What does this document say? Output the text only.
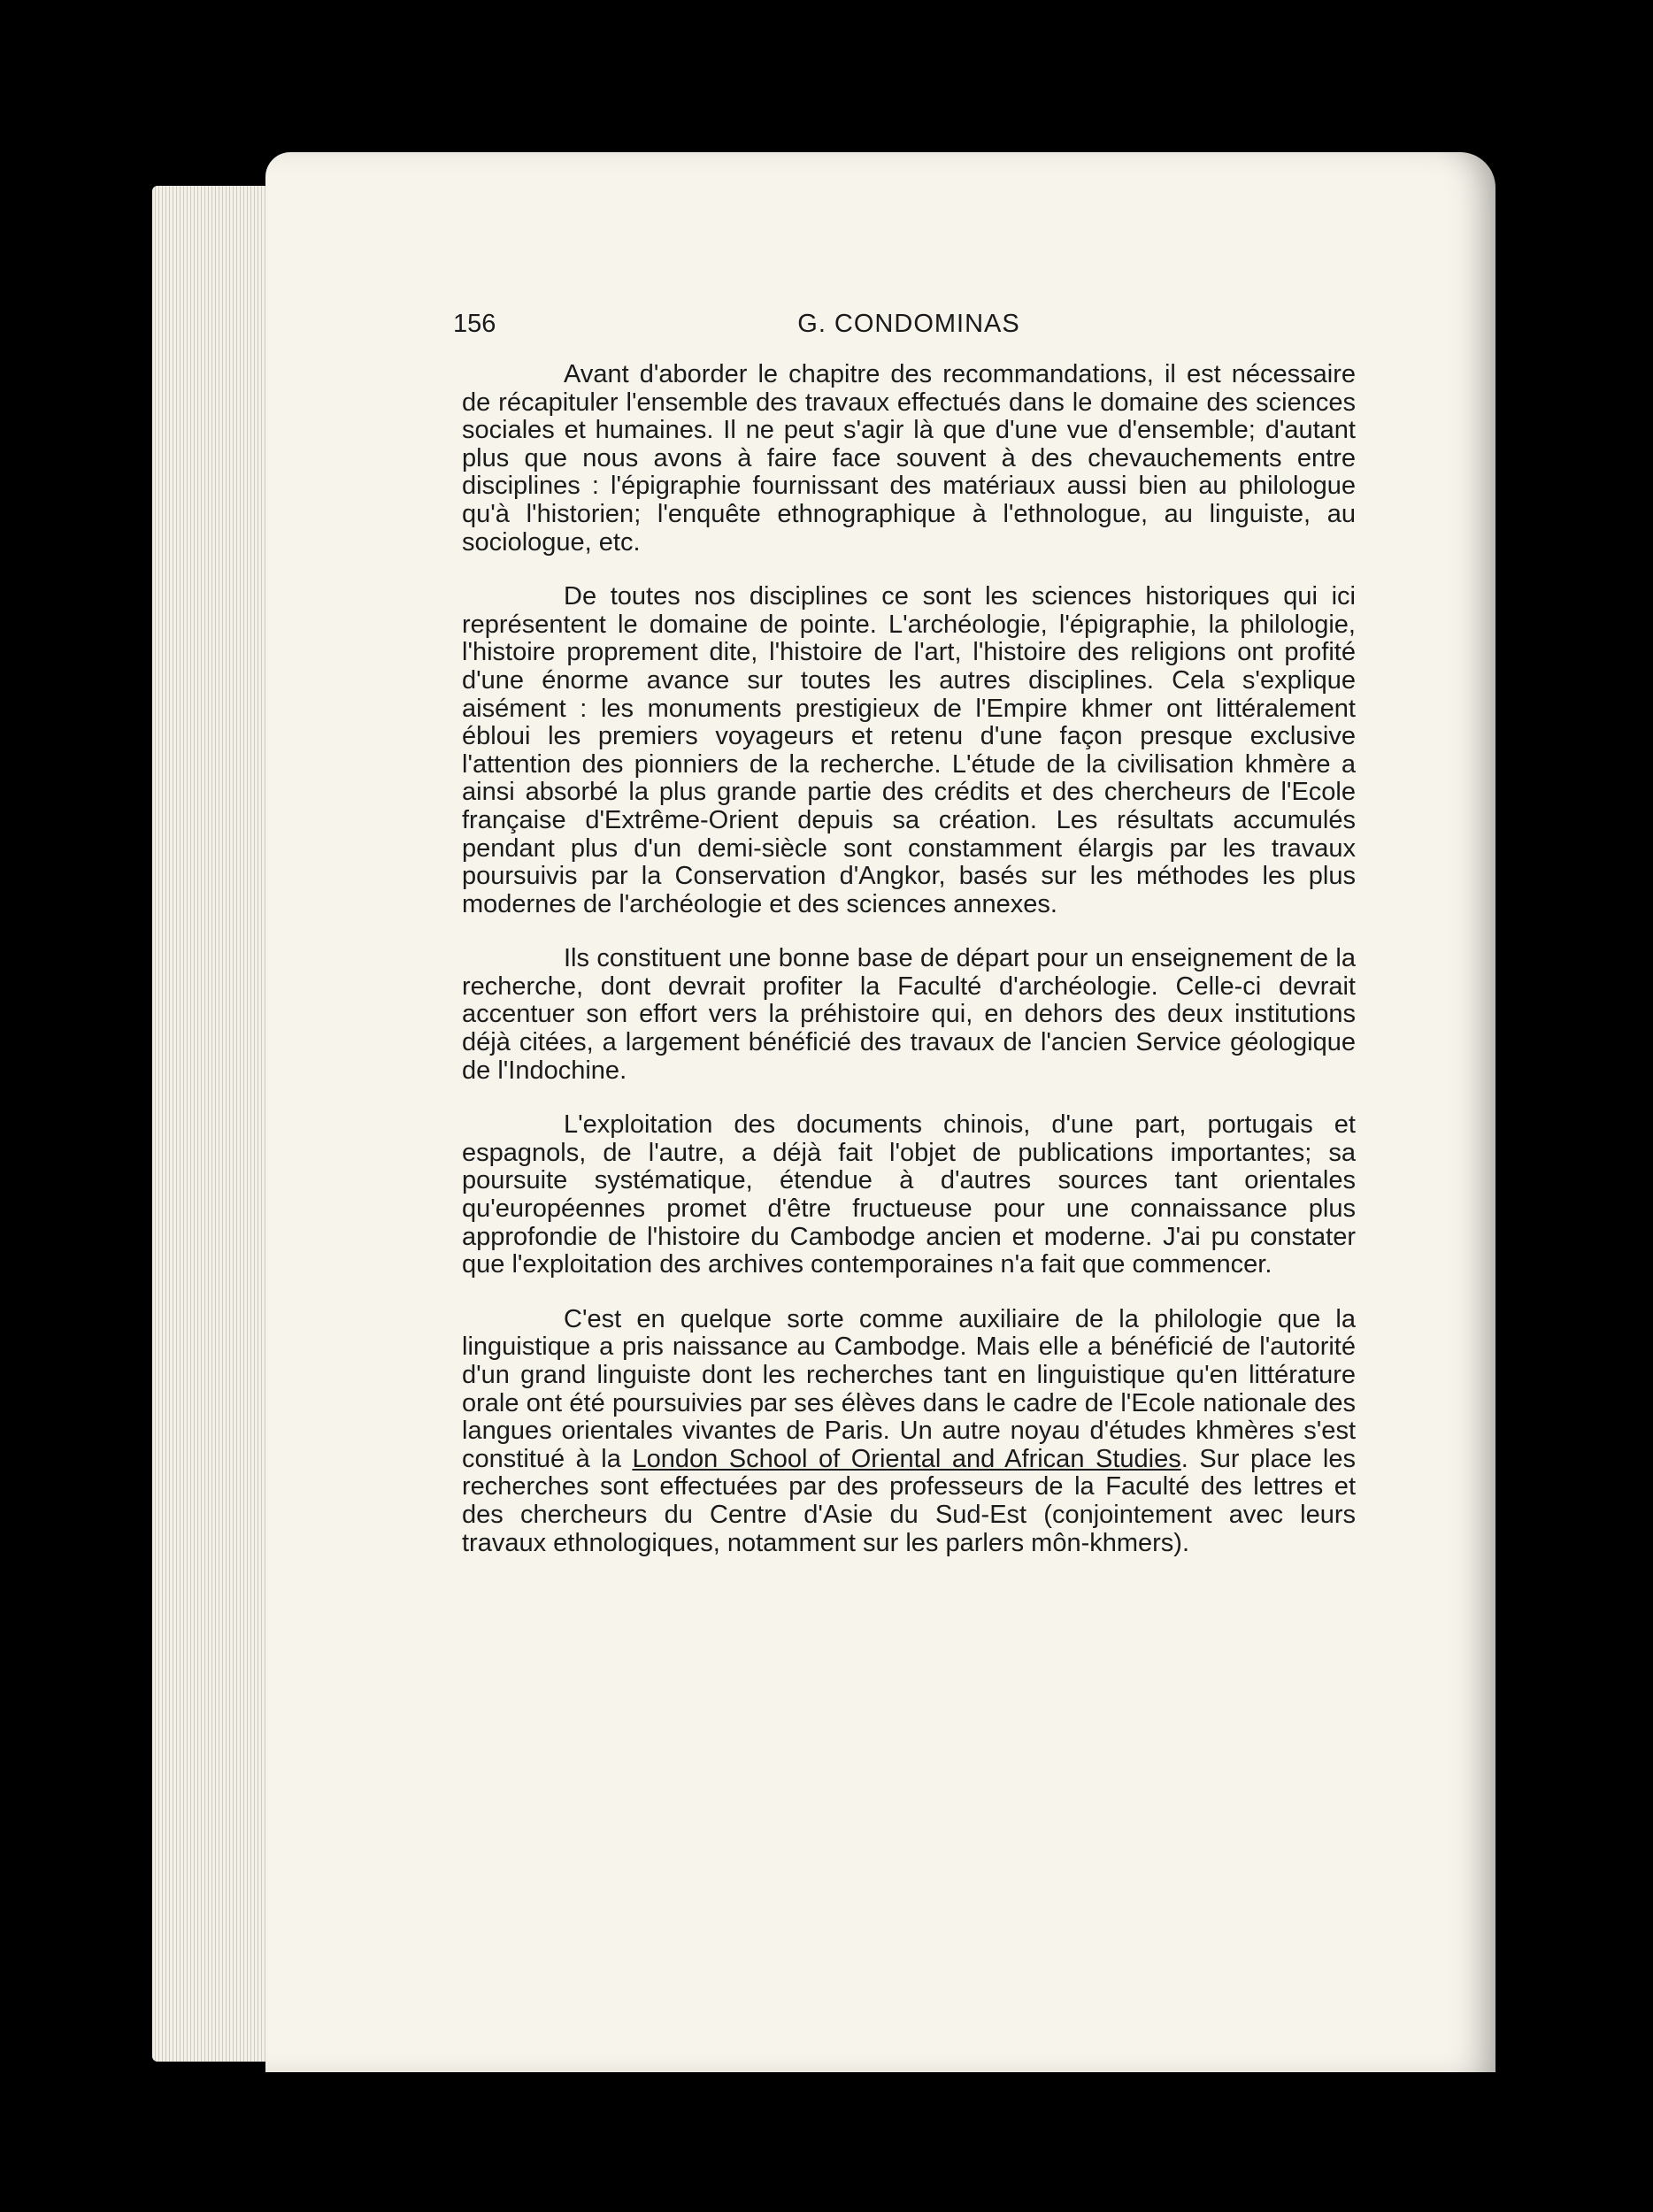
156	G. CONDOMINAS

Avant d'aborder le chapitre des recommandations, il est nécessaire de récapituler l'ensemble des travaux effectués dans le domaine des sciences sociales et humaines. Il ne peut s'agir là que d'une vue d'ensemble; d'autant plus que nous avons à faire face souvent à des chevauchements entre disciplines : l'épigraphie fournissant des matériaux aussi bien au philologue qu'à l'historien; l'enquête ethnographique à l'ethnologue, au linguiste, au sociologue, etc.

De toutes nos disciplines ce sont les sciences historiques qui ici représentent le domaine de pointe. L'archéologie, l'épigraphie, la philologie, l'histoire proprement dite, l'histoire de l'art, l'histoire des religions ont profité d'une énorme avance sur toutes les autres disciplines. Cela s'explique aisément : les monuments prestigieux de l'Empire khmer ont littéralement ébloui les premiers voyageurs et retenu d'une façon presque exclusive l'attention des pionniers de la recherche. L'étude de la civilisation khmère a ainsi absorbé la plus grande partie des crédits et des chercheurs de l'Ecole française d'Extrême-Orient depuis sa création. Les résultats accumulés pendant plus d'un demi-siècle sont constamment élargis par les travaux poursuivis par la Conservation d'Angkor, basés sur les méthodes les plus modernes de l'archéologie et des sciences annexes.

Ils constituent une bonne base de départ pour un enseignement de la recherche, dont devrait profiter la Faculté d'archéologie. Celle-ci devrait accentuer son effort vers la préhistoire qui, en dehors des deux institutions déjà citées, a largement bénéficié des travaux de l'ancien Service géologique de l'Indochine.

L'exploitation des documents chinois, d'une part, portugais et espagnols, de l'autre, a déjà fait l'objet de publications importantes; sa poursuite systématique, étendue à d'autres sources tant orientales qu'européennes promet d'être fructueuse pour une connaissance plus approfondie de l'histoire du Cambodge ancien et moderne. J'ai pu constater que l'exploitation des archives contemporaines n'a fait que commencer.

C'est en quelque sorte comme auxiliaire de la philologie que la linguistique a pris naissance au Cambodge. Mais elle a bénéficié de l'autorité d'un grand linguiste dont les recherches tant en linguistique qu'en littérature orale ont été poursuivies par ses élèves dans le cadre de l'Ecole nationale des langues orientales vivantes de Paris. Un autre noyau d'études khmères s'est constitué à la London School of Oriental and African Studies. Sur place les recherches sont effectuées par des professeurs de la Faculté des lettres et des chercheurs du Centre d'Asie du Sud-Est (conjointement avec leurs travaux ethnologiques, notamment sur les parlers môn-khmers).
